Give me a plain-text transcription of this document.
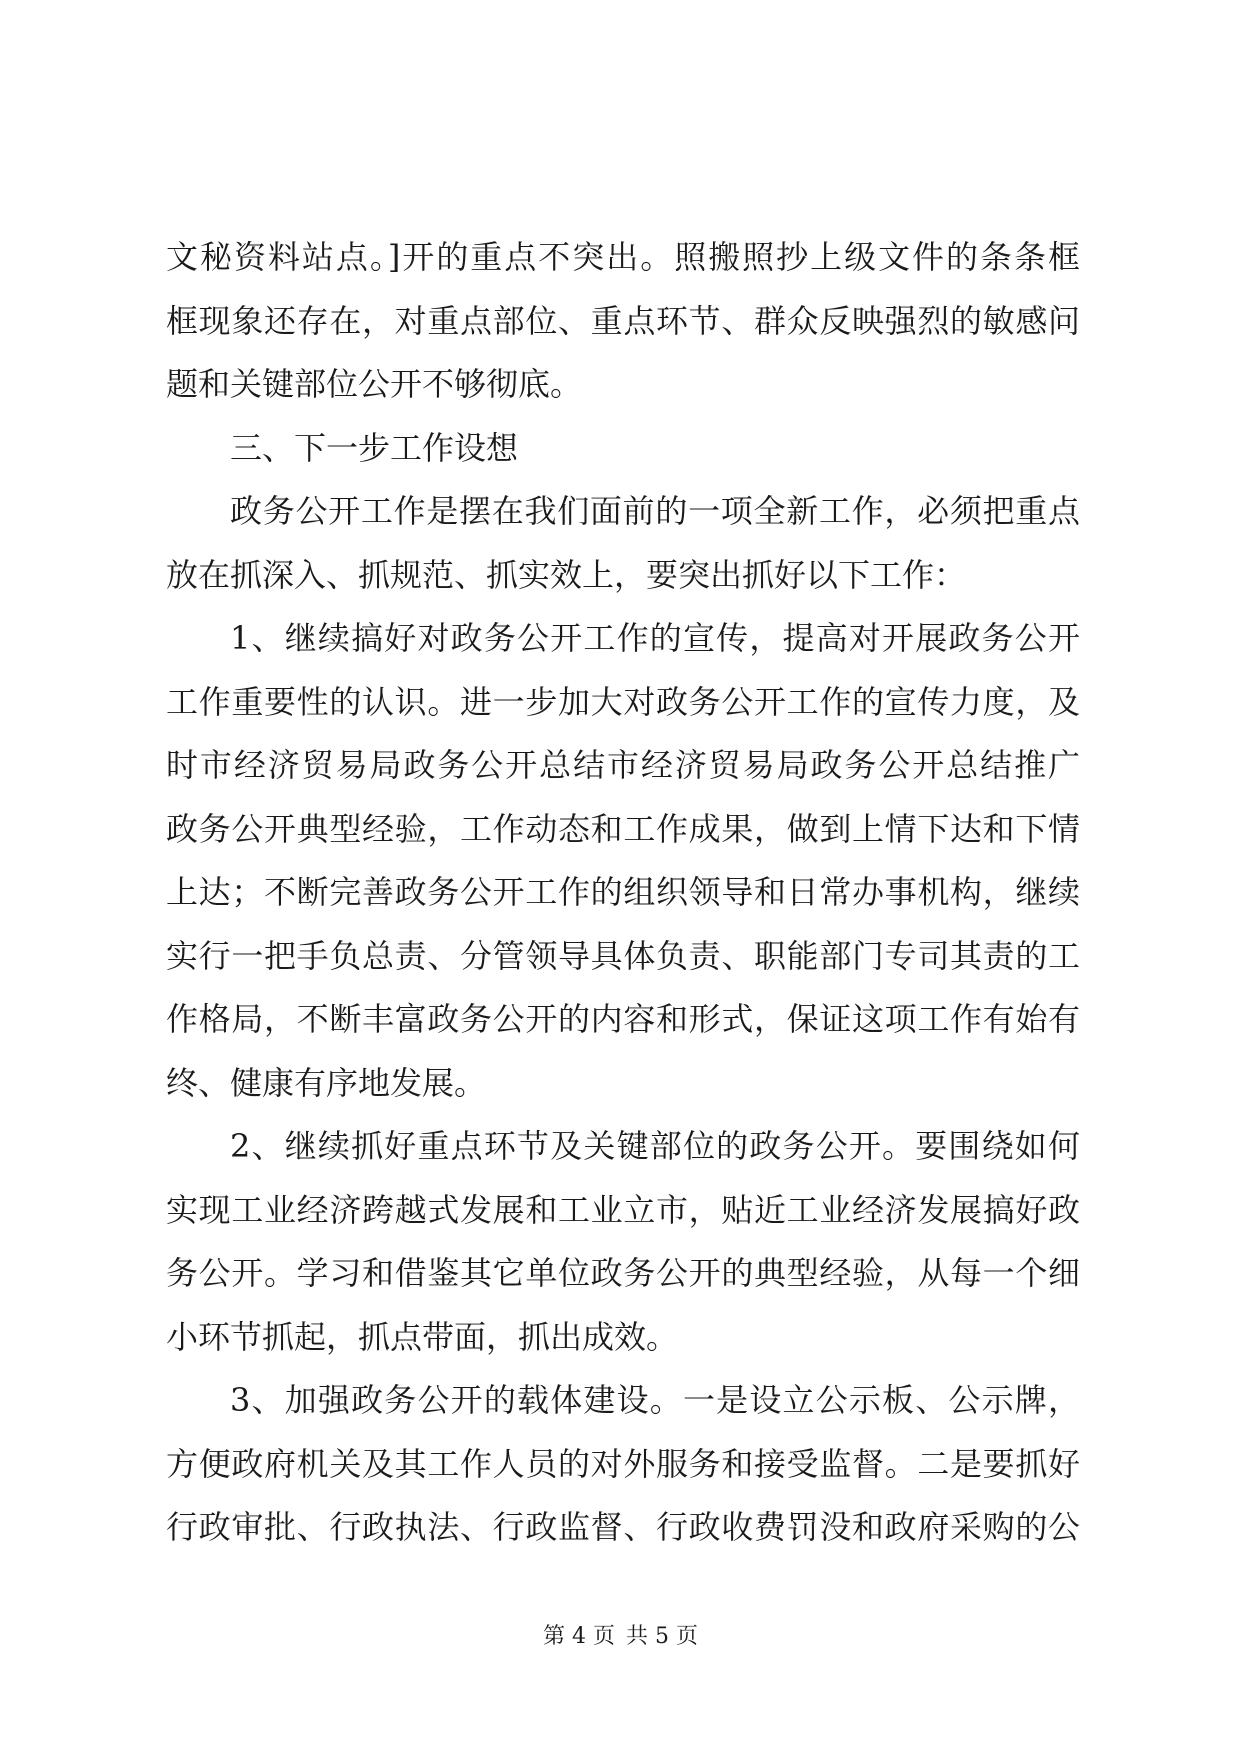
文秘资料站点。]开的重点不突出。照搬照抄上级文件的条条框
框现象还存在，对重点部位、重点环节、群众反映强烈的敏感问
题和关键部位公开不够彻底。
三、下一步工作设想
政务公开工作是摆在我们面前的一项全新工作，必须把重点
放在抓深入、抓规范、抓实效上，要突出抓好以下工作：
1、继续搞好对政务公开工作的宣传，提高对开展政务公开
工作重要性的认识。进一步加大对政务公开工作的宣传力度，及
时市经济贸易局政务公开总结市经济贸易局政务公开总结推广
政务公开典型经验，工作动态和工作成果，做到上情下达和下情
上达；不断完善政务公开工作的组织领导和日常办事机构，继续
实行一把手负总责、分管领导具体负责、职能部门专司其责的工
作格局，不断丰富政务公开的内容和形式，保证这项工作有始有
终、健康有序地发展。
2、继续抓好重点环节及关键部位的政务公开。要围绕如何
实现工业经济跨越式发展和工业立市，贴近工业经济发展搞好政
务公开。学习和借鉴其它单位政务公开的典型经验，从每一个细
小环节抓起，抓点带面，抓出成效。
3、加强政务公开的载体建设。一是设立公示板、公示牌，
方便政府机关及其工作人员的对外服务和接受监督。二是要抓好
行政审批、行政执法、行政监督、行政收费罚没和政府采购的公
第 4 页 共 5 页
